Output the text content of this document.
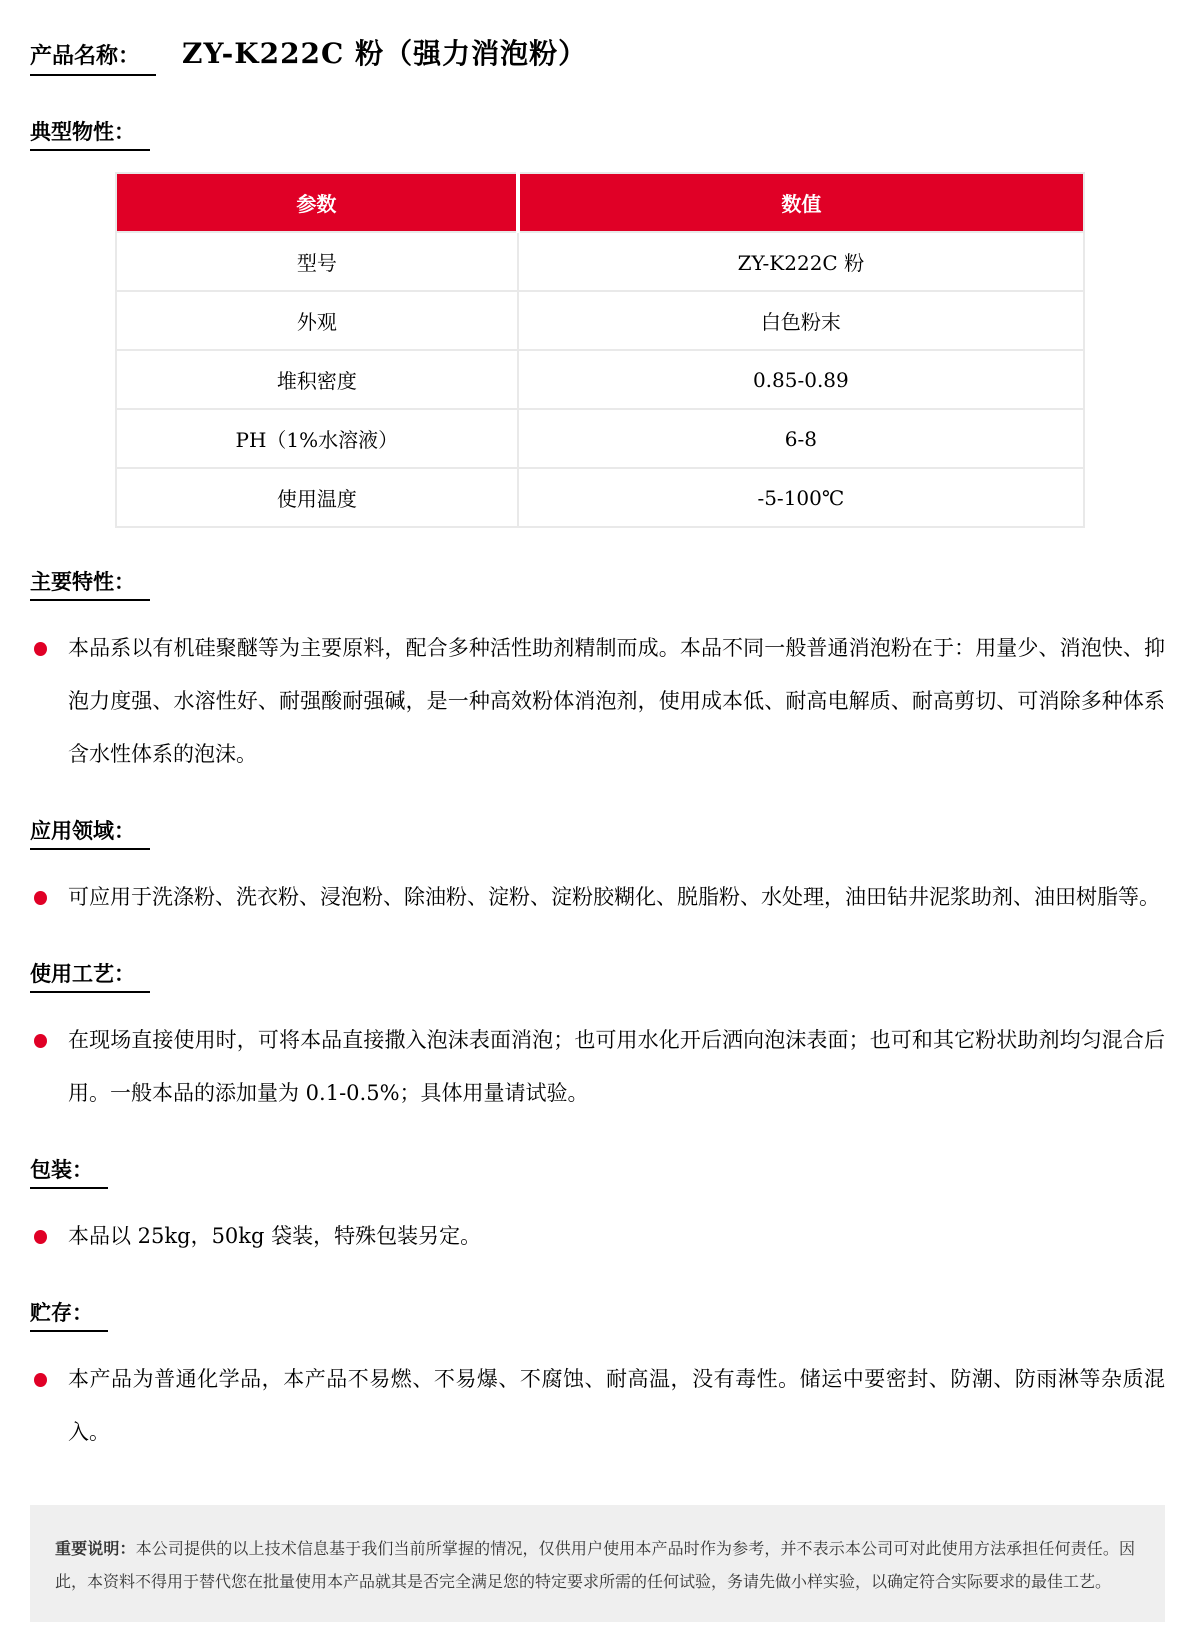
产品名称： ZY-K222C 粉（强力消泡粉）
典型物性：
参数	数值
型号	ZY-K222C 粉
外观	白色粉末
堆积密度	0.85-0.89
PH（1%水溶液）	6-8
使用温度	-5-100℃
主要特性：
本品系以有机硅聚醚等为主要原料，配合多种活性助剂精制而成。本品不同一般普通消泡粉在于：用量少、消泡快、抑泡力度强、水溶性好、耐强酸耐强碱，是一种高效粉体消泡剂，使用成本低、耐高电解质、耐高剪切、可消除多种体系含水性体系的泡沫。
应用领域：
可应用于洗涤粉、洗衣粉、浸泡粉、除油粉、淀粉、淀粉胶糊化、脱脂粉、水处理，油田钻井泥浆助剂、油田树脂等。
使用工艺：
在现场直接使用时，可将本品直接撒入泡沫表面消泡；也可用水化开后洒向泡沫表面；也可和其它粉状助剂均匀混合后用。一般本品的添加量为 0.1-0.5%；具体用量请试验。
包装：
本品以 25kg，50kg 袋装，特殊包装另定。
贮存：
本产品为普通化学品，本产品不易燃、不易爆、不腐蚀、耐高温，没有毒性。储运中要密封、防潮、防雨淋等杂质混入。
重要说明：本公司提供的以上技术信息基于我们当前所掌握的情况，仅供用户使用本产品时作为参考，并不表示本公司可对此使用方法承担任何责任。因此，本资料不得用于替代您在批量使用本产品就其是否完全满足您的特定要求所需的任何试验，务请先做小样实验，以确定符合实际要求的最佳工艺。
